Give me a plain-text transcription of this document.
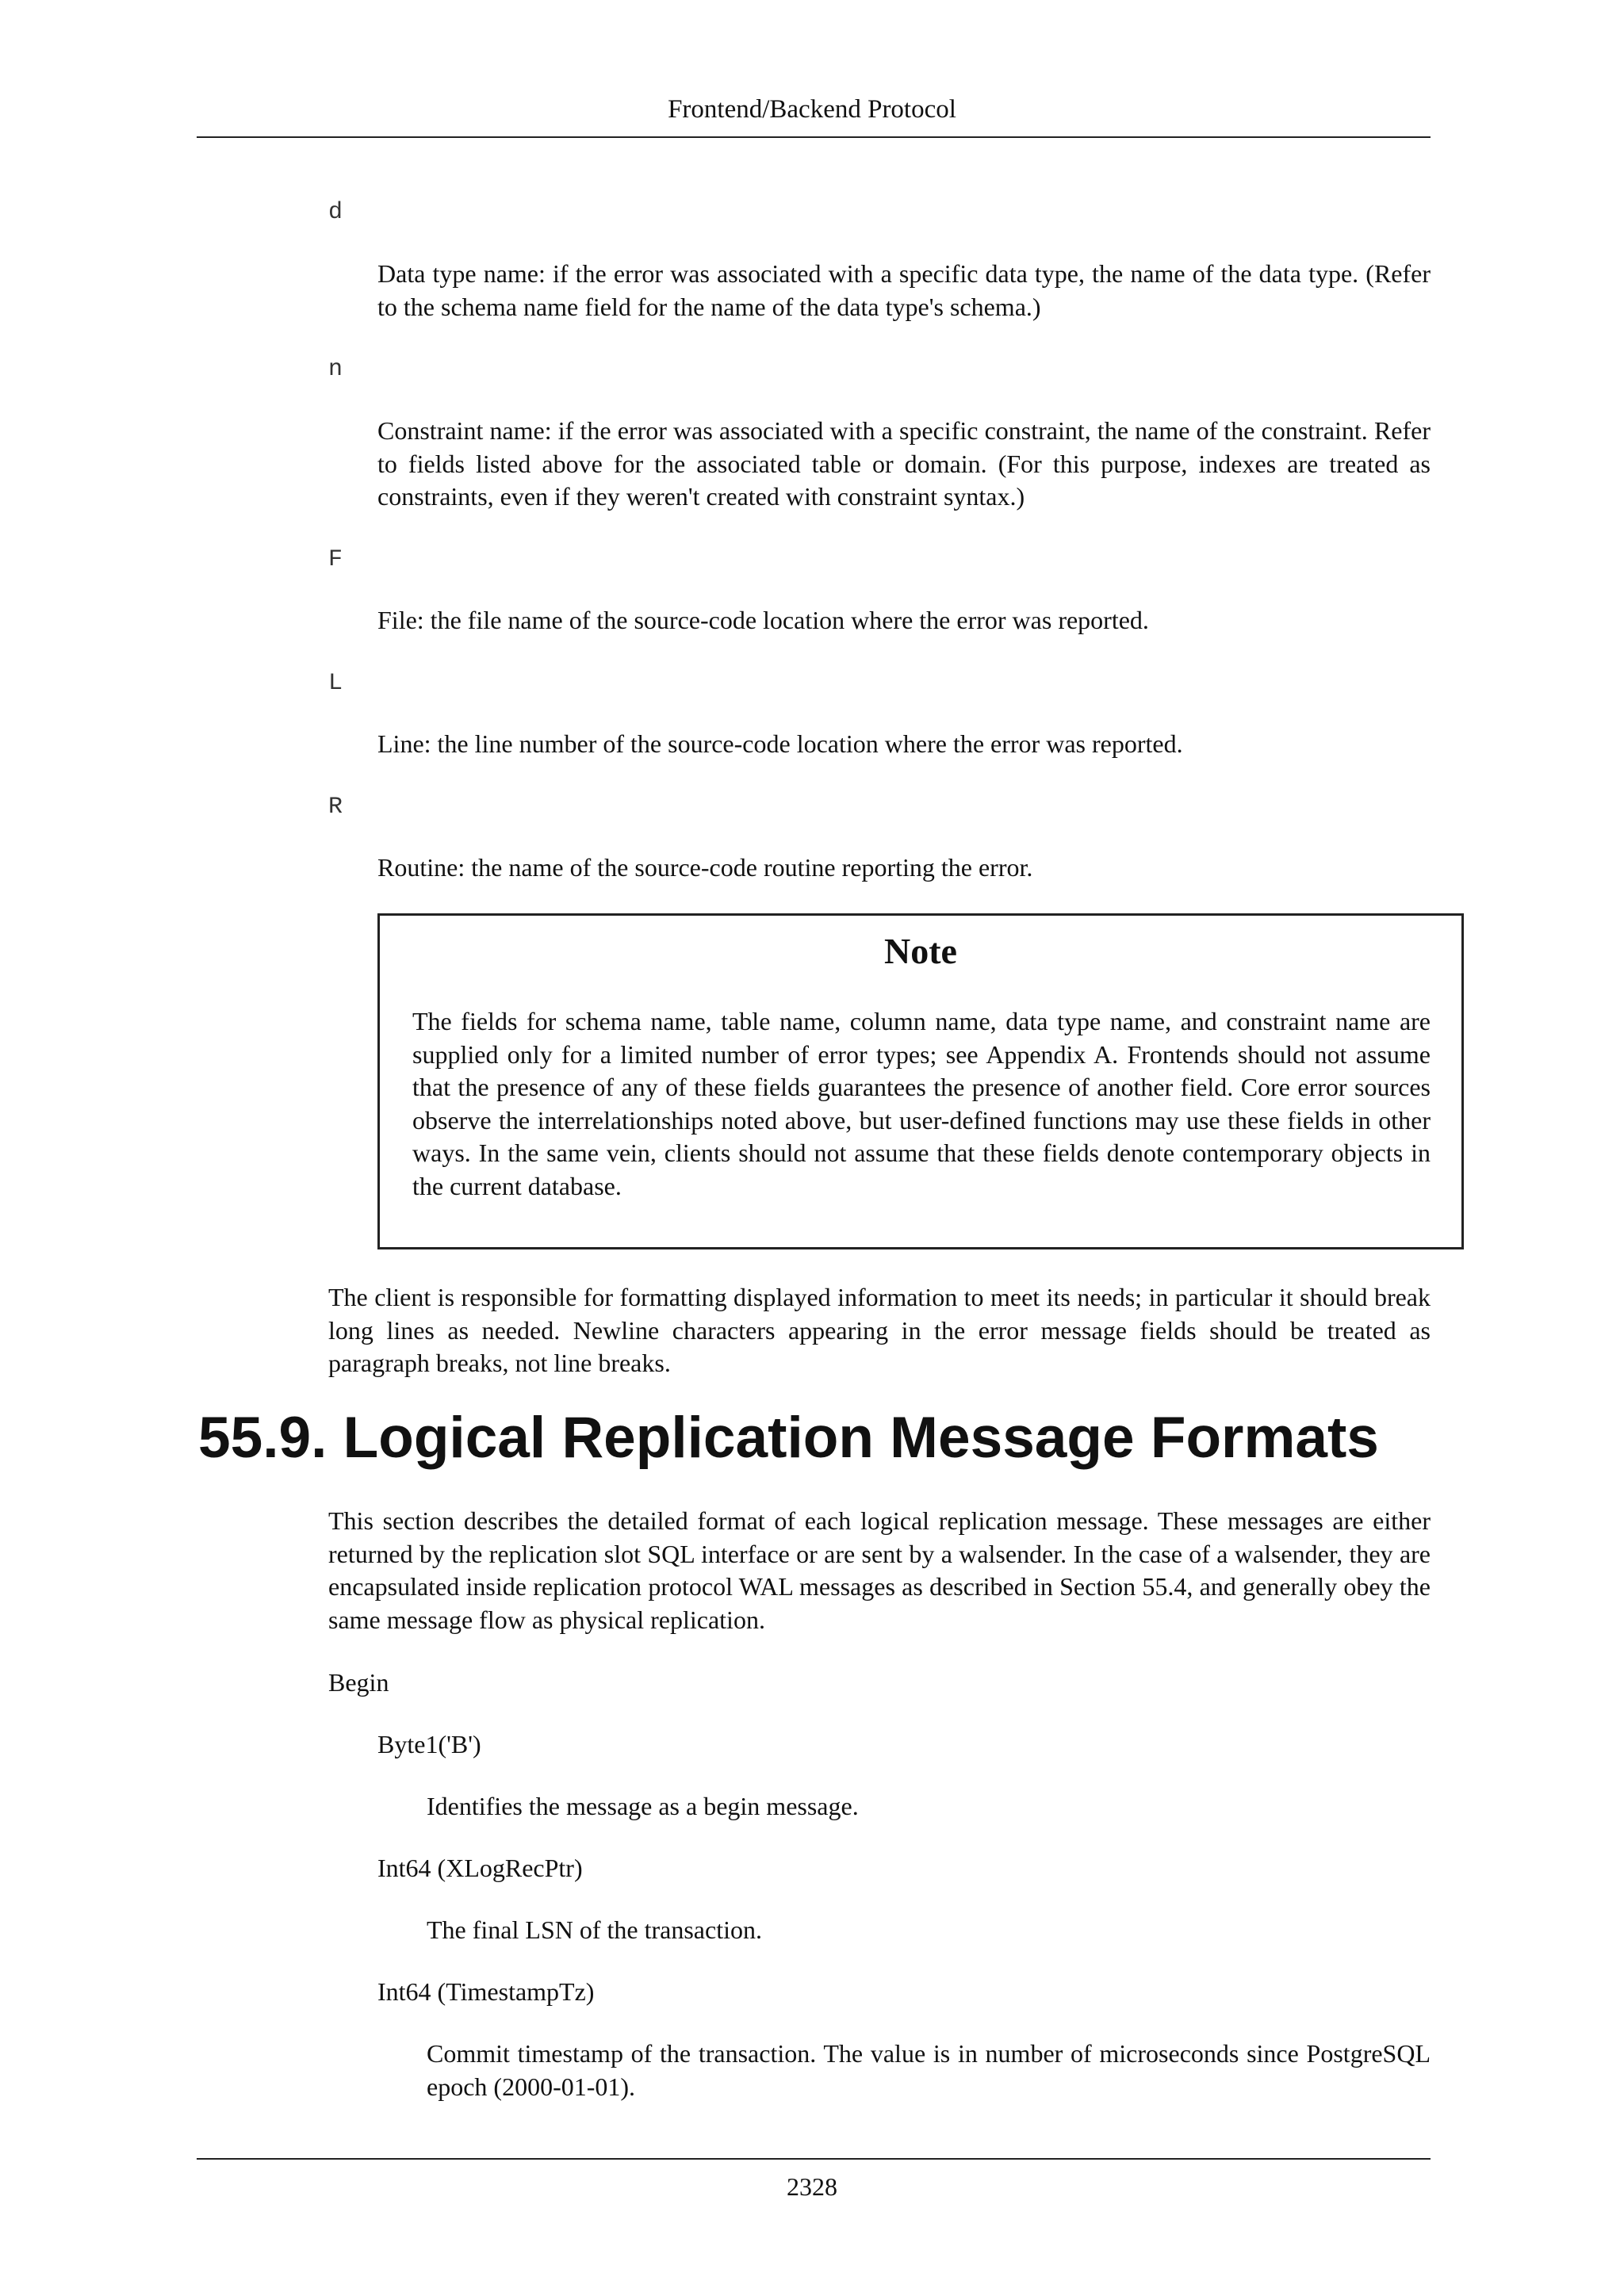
Frontend/Backend Protocol
d
Data type name: if the error was associated with a specific data type, the name of the data type. (Refer to the schema name field for the name of the data type's schema.)
n
Constraint name: if the error was associated with a specific constraint, the name of the constraint. Refer to fields listed above for the associated table or domain. (For this purpose, indexes are treated as constraints, even if they weren't created with constraint syntax.)
F
File: the file name of the source-code location where the error was reported.
L
Line: the line number of the source-code location where the error was reported.
R
Routine: the name of the source-code routine reporting the error.
Note
The fields for schema name, table name, column name, data type name, and constraint name are supplied only for a limited number of error types; see Appendix A. Frontends should not assume that the presence of any of these fields guarantees the presence of another field. Core error sources observe the interrelationships noted above, but user-defined functions may use these fields in other ways. In the same vein, clients should not assume that these fields denote contemporary objects in the current database.
The client is responsible for formatting displayed information to meet its needs; in particular it should break long lines as needed. Newline characters appearing in the error message fields should be treated as paragraph breaks, not line breaks.
55.9. Logical Replication Message Formats
This section describes the detailed format of each logical replication message. These messages are either returned by the replication slot SQL interface or are sent by a walsender. In the case of a walsender, they are encapsulated inside replication protocol WAL messages as described in Section 55.4, and generally obey the same message flow as physical replication.
Begin
Byte1('B')
Identifies the message as a begin message.
Int64 (XLogRecPtr)
The final LSN of the transaction.
Int64 (TimestampTz)
Commit timestamp of the transaction. The value is in number of microseconds since PostgreSQL epoch (2000-01-01).
2328
